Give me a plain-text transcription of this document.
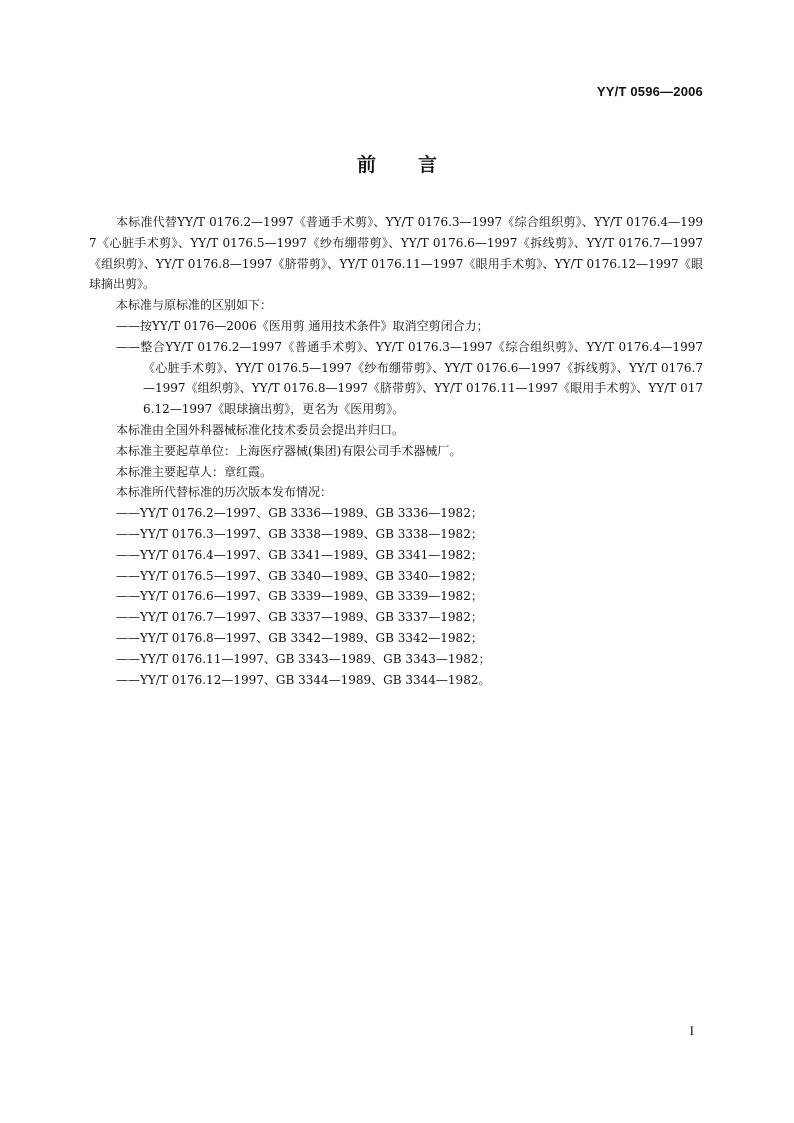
YY/T 0596—2006
前言

本标准代替YY/T 0176.2—1997《普通手术剪》、YY/T 0176.3—1997《综合组织剪》、YY/T 0176.4—1997《心脏手术剪》、YY/T 0176.5—1997《纱布绷带剪》、YY/T 0176.6—1997《拆线剪》、YY/T 0176.7—1997《组织剪》、YY/T 0176.8—1997《脐带剪》、YY/T 0176.11—1997《眼用手术剪》、YY/T 0176.12—1997《眼球摘出剪》。

本标准与原标准的区别如下：

——按YY/T 0176—2006《医用剪 通用技术条件》取消空剪闭合力；

——整合YY/T 0176.2—1997《普通手术剪》、YY/T 0176.3—1997《综合组织剪》、YY/T 0176.4—1997《心脏手术剪》、YY/T 0176.5—1997《纱布绷带剪》、YY/T 0176.6—1997《拆线剪》、YY/T 0176.7—1997《组织剪》、YY/T 0176.8—1997《脐带剪》、YY/T 0176.11—1997《眼用手术剪》、YY/T 0176.12—1997《眼球摘出剪》，更名为《医用剪》。

本标准由全国外科器械标准化技术委员会提出并归口。

本标准主要起草单位：上海医疗器械(集团)有限公司手术器械厂。

本标准主要起草人：章红霞。

本标准所代替标准的历次版本发布情况：

——YY/T 0176.2—1997、GB 3336—1989、GB 3336—1982；

——YY/T 0176.3—1997、GB 3338—1989、GB 3338—1982；

——YY/T 0176.4—1997、GB 3341—1989、GB 3341—1982；

——YY/T 0176.5—1997、GB 3340—1989、GB 3340—1982；

——YY/T 0176.6—1997、GB 3339—1989、GB 3339—1982；

——YY/T 0176.7—1997、GB 3337—1989、GB 3337—1982；

——YY/T 0176.8—1997、GB 3342—1989、GB 3342—1982；

——YY/T 0176.11—1997、GB 3343—1989、GB 3343—1982；

——YY/T 0176.12—1997、GB 3344—1989、GB 3344—1982。

I
